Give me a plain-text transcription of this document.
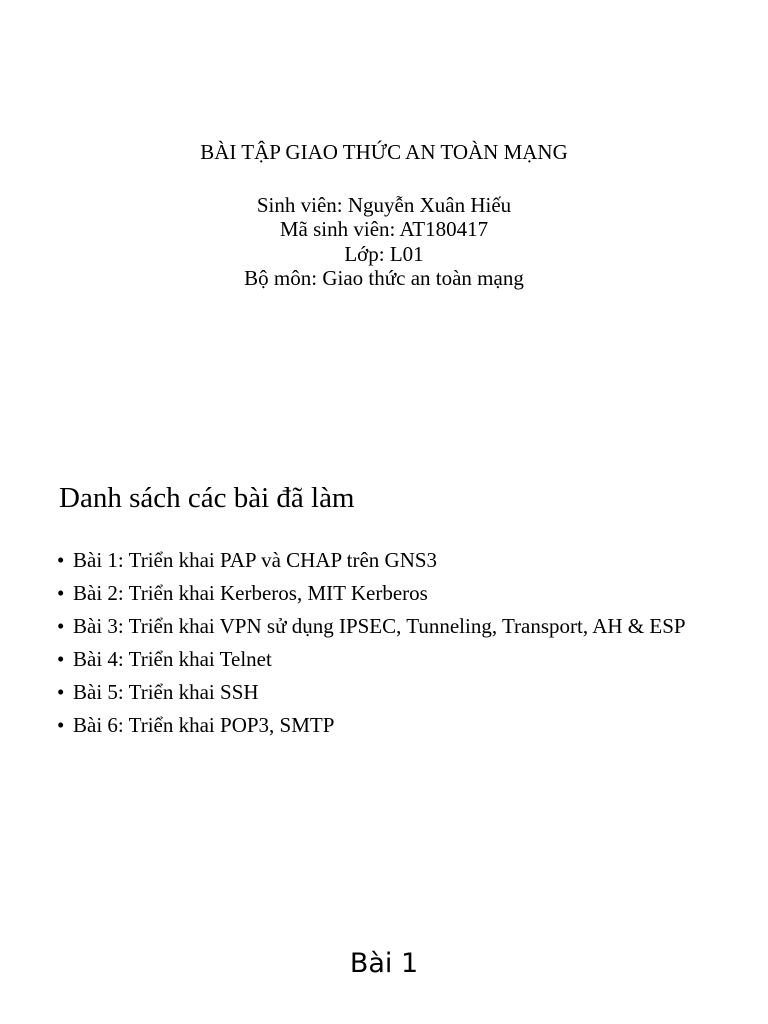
BÀI TẬP GIAO THỨC AN TOÀN MẠNG

Sinh viên: Nguyễn Xuân Hiếu

Mã sinh viên: AT180417

Lớp: L01

Bộ môn: Giao thức an toàn mạng

Danh sách các bài đã làm
• Bài 1: Triển khai PAP và CHAP trên GNS3
• Bài 2: Triển khai Kerberos, MIT Kerberos
• Bài 3: Triển khai VPN sử dụng IPSEC, Tunneling, Transport, AH & ESP
• Bài 4: Triển khai Telnet
• Bài 5: Triển khai SSH
• Bài 6: Triển khai POP3, SMTP
Bài 1
